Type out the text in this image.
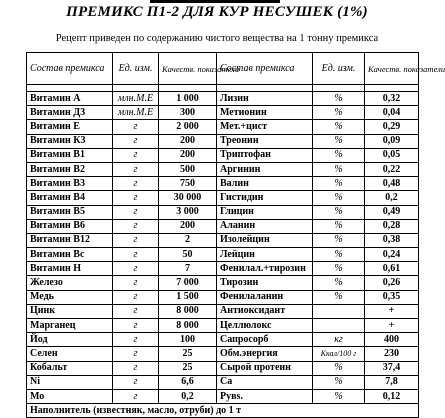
ПРЕМИКС П1-2 ДЛЯ КУР НЕСУШЕК (1%)
Рецепт приведен по содержанию чистого вещества на 1 тонну премикса
Состав премикса	Ед. изм.	Качеств. показатели	Состав премикса	Ед. изм.	Качеств. показатели

Витамин А	млн.М.Е	1 000	Лизин	%	0,32
Витамин Д3	млн.М.Е	300	Метионин	%	0,04
Витамин Е	г	2 000	Мет.+цист	%	0,29
Витамин К3	г	200	Треонин	%	0,09
Витамин В1	г	200	Триптофан	%	0,05
Витамин В2	г	500	Аргинин	%	0,22
Витамин В3	г	750	Валин	%	0,48
Витамин В4	г	30 000	Гистидин	%	0,2
Витамин В5	г	3 000	Глицин	%	0,49
Витамин В6	г	200	Аланин	%	0,28
Витамин В12	г	2	Изолейцин	%	0,38
Витамин Вс	г	50	Лейцин	%	0,24
Витамин Н	г	7	Фенилал.+тирозин	%	0,61
Железо	г	7 000	Тирозин	%	0,26
Медь	г	1 500	Фенилаланин	%	0,35
Цинк	г	8 000	Антиоксидант		+
Марганец	г	8 000	Целлюлокс		+
Йод	г	100	Сапросорб	кг	400
Селен	г	25	Обм.энергия	Ккал/100 г	230
Кобальт	г	25	Сырой протеин	%	37,4
Ni	г	6,6	Са	%	7,8
Мо	г	0,2	Рувs.	%	0,12
Наполнитель (известняк, масло, отруби) до 1 т					
